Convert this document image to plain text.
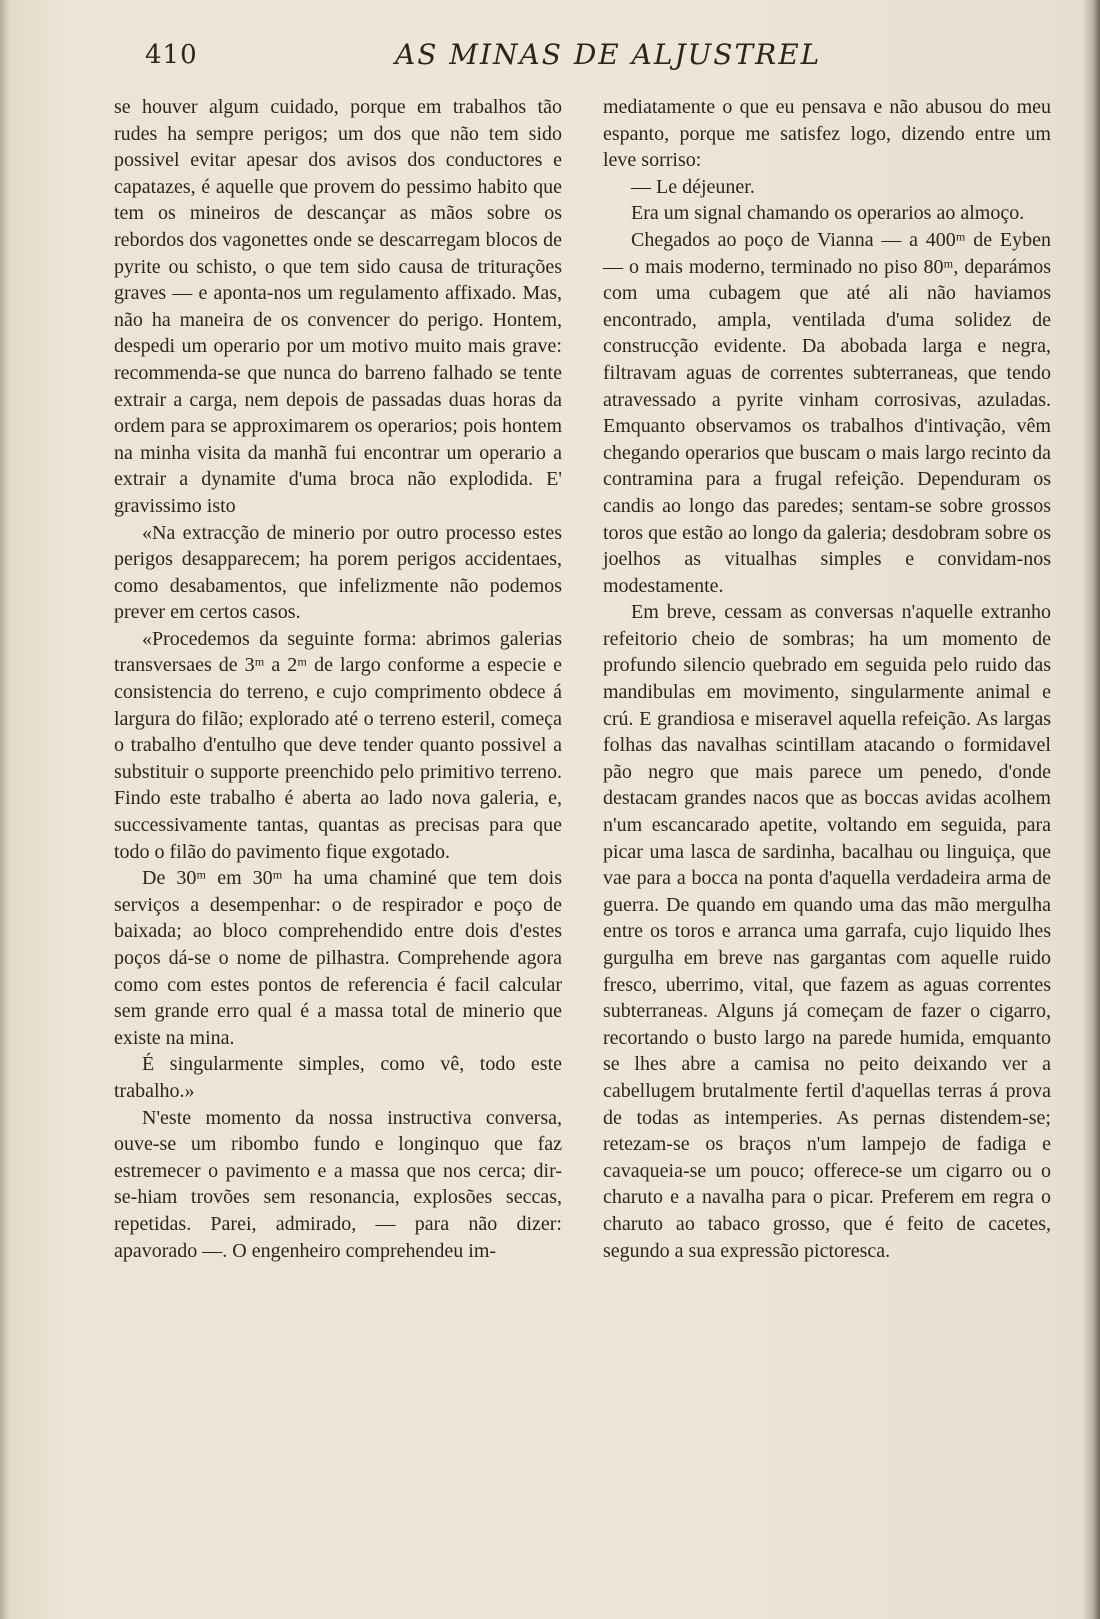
410	AS MINAS DE ALJUSTREL

se houver algum cuidado, porque em trabalhos tão rudes ha sempre perigos; um dos que não tem sido possivel evitar apesar dos avisos dos conductores e capatazes, é aquelle que provem do pessimo habito que tem os mineiros de descançar as mãos sobre os rebordos dos vagonettes onde se descarregam blocos de pyrite ou schisto, o que tem sido causa de triturações graves — e aponta-nos um regulamento affixado. Mas, não ha maneira de os convencer do perigo. Hontem, despedi um operario por um motivo muito mais grave: recommenda-se que nunca do barreno falhado se tente extrair a carga, nem depois de passadas duas horas da ordem para se approximarem os operarios; pois hontem na minha visita da manhã fui encontrar um operario a extrair a dynamite d'uma broca não explodida. E' gravissimo isto

«Na extracção de minerio por outro processo estes perigos desapparecem; ha porem perigos accidentaes, como desabamentos, que infelizmente não podemos prever em certos casos.

«Procedemos da seguinte forma: abrimos galerias transversaes de 3ᵐ a 2ᵐ de largo conforme a especie e consistencia do terreno, e cujo comprimento obdece á largura do filão; explorado até o terreno esteril, começa o trabalho d'entulho que deve tender quanto possivel a substituir o supporte preenchido pelo primitivo terreno. Findo este trabalho é aberta ao lado nova galeria, e, successivamente tantas, quantas as precisas para que todo o filão do pavimento fique exgotado.

De 30ᵐ em 30ᵐ ha uma chaminé que tem dois serviços a desempenhar: o de respirador e poço de baixada; ao bloco comprehendido entre dois d'estes poços dá-se o nome de pilhastra. Comprehende agora como com estes pontos de referencia é facil calcular sem grande erro qual é a massa total de minerio que existe na mina.

É singularmente simples, como vê, todo este trabalho.»

N'este momento da nossa instructiva conversa, ouve-se um ribombo fundo e longinquo que faz estremecer o pavimento e a massa que nos cerca; dir-se-hiam trovões sem resonancia, explosões seccas, repetidas. Parei, admirado, — para não dizer: apavorado —. O engenheiro comprehendeu im-

mediatamente o que eu pensava e não abusou do meu espanto, porque me satisfez logo, dizendo entre um leve sorriso:

— Le déjeuner.

Era um signal chamando os operarios ao almoço.

Chegados ao poço de Vianna — a 400ᵐ de Eyben — o mais moderno, terminado no piso 80ᵐ, deparámos com uma cubagem que até ali não haviamos encontrado, ampla, ventilada d'uma solidez de construcção evidente. Da abobada larga e negra, filtravam aguas de correntes subterraneas, que tendo atravessado a pyrite vinham corrosivas, azuladas. Emquanto observamos os trabalhos d'intivação, vêm chegando operarios que buscam o mais largo recinto da contramina para a frugal refeição. Dependuram os candis ao longo das paredes; sentam-se sobre grossos toros que estão ao longo da galeria; desdobram sobre os joelhos as vitualhas simples e convidam-nos modestamente.

Em breve, cessam as conversas n'aquelle extranho refeitorio cheio de sombras; ha um momento de profundo silencio quebrado em seguida pelo ruido das mandibulas em movimento, singularmente animal e crú. E grandiosa e miseravel aquella refeição. As largas folhas das navalhas scintillam atacando o formidavel pão negro que mais parece um penedo, d'onde destacam grandes nacos que as boccas avidas acolhem n'um escancarado apetite, voltando em seguida, para picar uma lasca de sardinha, bacalhau ou linguiça, que vae para a bocca na ponta d'aquella verdadeira arma de guerra. De quando em quando uma das mão mergulha entre os toros e arranca uma garrafa, cujo liquido lhes gurgulha em breve nas gargantas com aquelle ruido fresco, uberrimo, vital, que fazem as aguas correntes subterraneas. Alguns já começam de fazer o cigarro, recortando o busto largo na parede humida, emquanto se lhes abre a camisa no peito deixando ver a cabellugem brutalmente fertil d'aquellas terras á prova de todas as intemperies. As pernas distendem-se; retezam-se os braços n'um lampejo de fadiga e cavaqueia-se um pouco; offerece-se um cigarro ou o charuto e a navalha para o picar. Preferem em regra o charuto ao tabaco grosso, que é feito de cacetes, segundo a sua expressão pictoresca.
